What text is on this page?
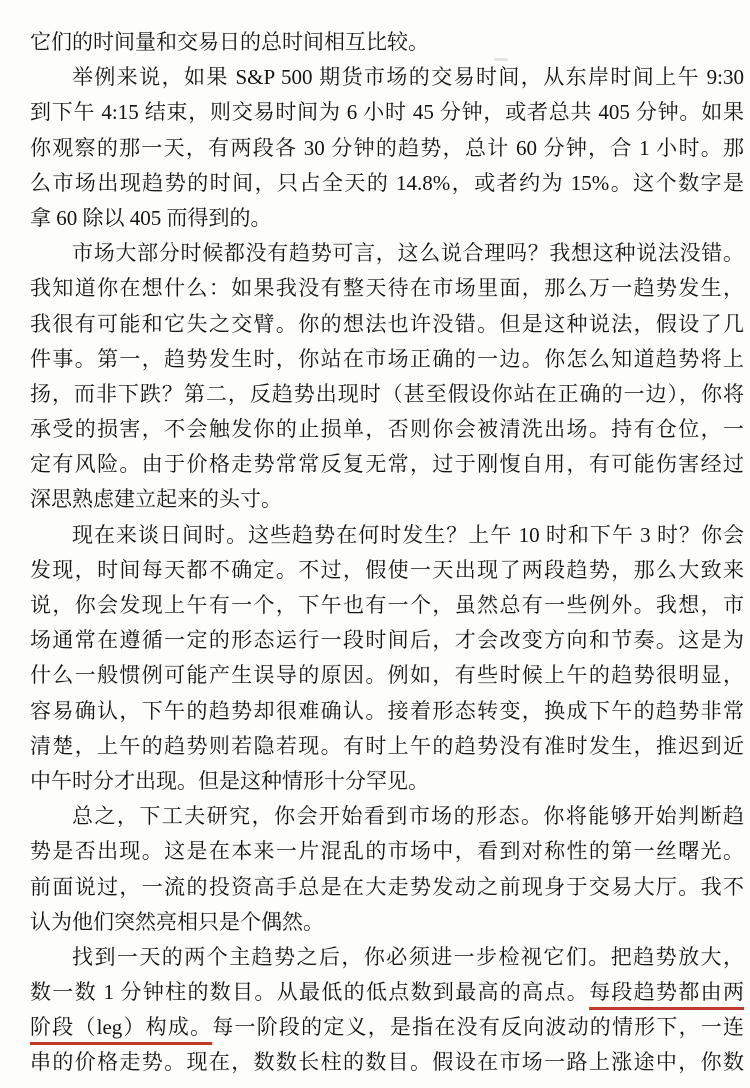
它们的时间量和交易日的总时间相互比较。
举例来说，如果 S&P 500 期货市场的交易时间，从东岸时间上午 9:30
到下午 4:15 结束，则交易时间为 6 小时 45 分钟，或者总共 405 分钟。如果
你观察的那一天，有两段各 30 分钟的趋势，总计 60 分钟，合 1 小时。那
么市场出现趋势的时间，只占全天的 14.8%，或者约为 15%。这个数字是
拿 60 除以 405 而得到的。
市场大部分时候都没有趋势可言，这么说合理吗？我想这种说法没错。
我知道你在想什么：如果我没有整天待在市场里面，那么万一趋势发生，
我很有可能和它失之交臂。你的想法也许没错。但是这种说法，假设了几
件事。第一，趋势发生时，你站在市场正确的一边。你怎么知道趋势将上
扬，而非下跌？第二，反趋势出现时（甚至假设你站在正确的一边），你将
承受的损害，不会触发你的止损单，否则你会被清洗出场。持有仓位，一
定有风险。由于价格走势常常反复无常，过于刚愎自用，有可能伤害经过
深思熟虑建立起来的头寸。
现在来谈日间时。这些趋势在何时发生？上午 10 时和下午 3 时？你会
发现，时间每天都不确定。不过，假使一天出现了两段趋势，那么大致来
说，你会发现上午有一个，下午也有一个，虽然总有一些例外。我想，市
场通常在遵循一定的形态运行一段时间后，才会改变方向和节奏。这是为
什么一般惯例可能产生误导的原因。例如，有些时候上午的趋势很明显，
容易确认，下午的趋势却很难确认。接着形态转变，换成下午的趋势非常
清楚，上午的趋势则若隐若现。有时上午的趋势没有准时发生，推迟到近
中午时分才出现。但是这种情形十分罕见。
总之，下工夫研究，你会开始看到市场的形态。你将能够开始判断趋
势是否出现。这是在本来一片混乱的市场中，看到对称性的第一丝曙光。
前面说过，一流的投资高手总是在大走势发动之前现身于交易大厅。我不
认为他们突然亮相只是个偶然。
找到一天的两个主趋势之后，你必须进一步检视它们。把趋势放大，
数一数 1 分钟柱的数目。从最低的低点数到最高的高点。每段趋势都由两
阶段（leg）构成。每一阶段的定义，是指在没有反向波动的情形下，一连
串的价格走势。现在，数数长柱的数目。假设在市场一路上涨途中，你数
